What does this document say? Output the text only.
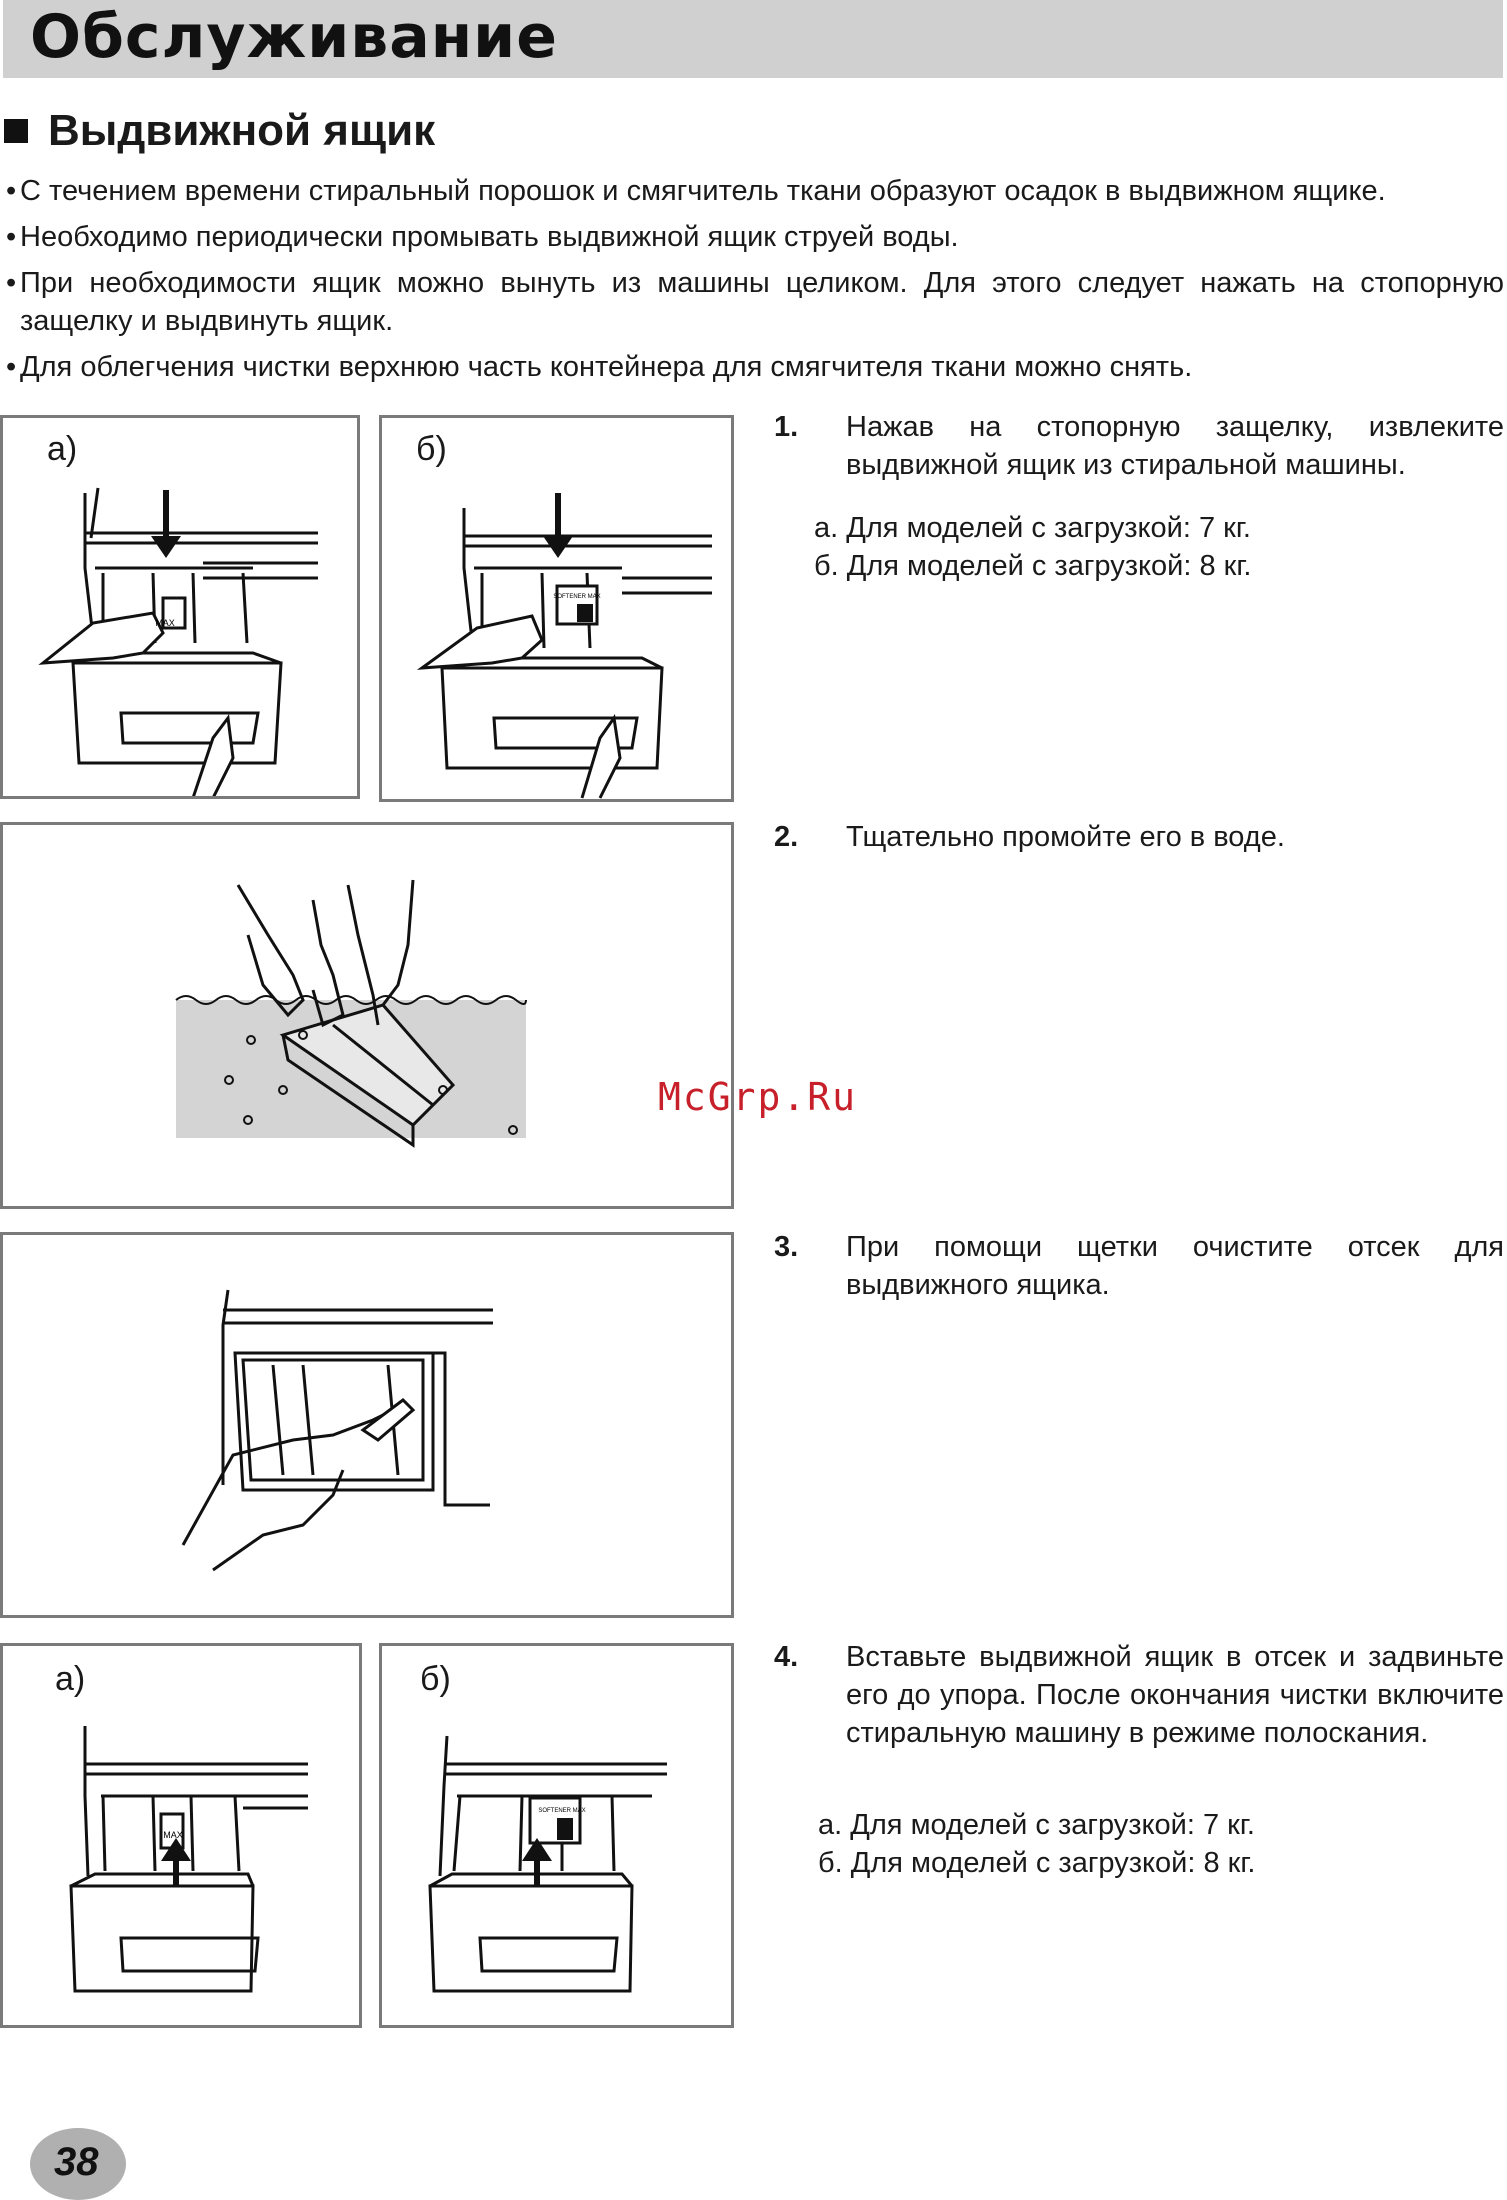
Обслуживание
Выдвижной ящик
• С течением времени стиральный порошок и смягчитель ткани образуют осадок в выдвижном ящике.
• Необходимо периодически промывать выдвижной ящик струей воды.
• При необходимости ящик можно вынуть из машины целиком. Для этого следует нажать на стопорную защелку и выдвинуть ящик.
• Для облегчения чистки верхнюю часть контейнера для смягчителя ткани можно снять.
а)
MAX
б)
SOFTENER MAX
1. Нажав на стопорную защелку, извлеките выдвижной ящик из стиральной машины.
а. Для моделей с загрузкой: 7 кг.
б. Для моделей с загрузкой: 8 кг.
2. Тщательно промойте его в воде.
McGrp.Ru
3. При помощи щетки очистите отсек для выдвижного ящика.
а)
MAX
б)
SOFTENER MAX
4. Вставьте выдвижной ящик в отсек и задвиньте его до упора. После окончания чистки включите стиральную машину в режиме полоскания.
а. Для моделей с загрузкой: 7 кг.
б. Для моделей с загрузкой: 8 кг.
38
